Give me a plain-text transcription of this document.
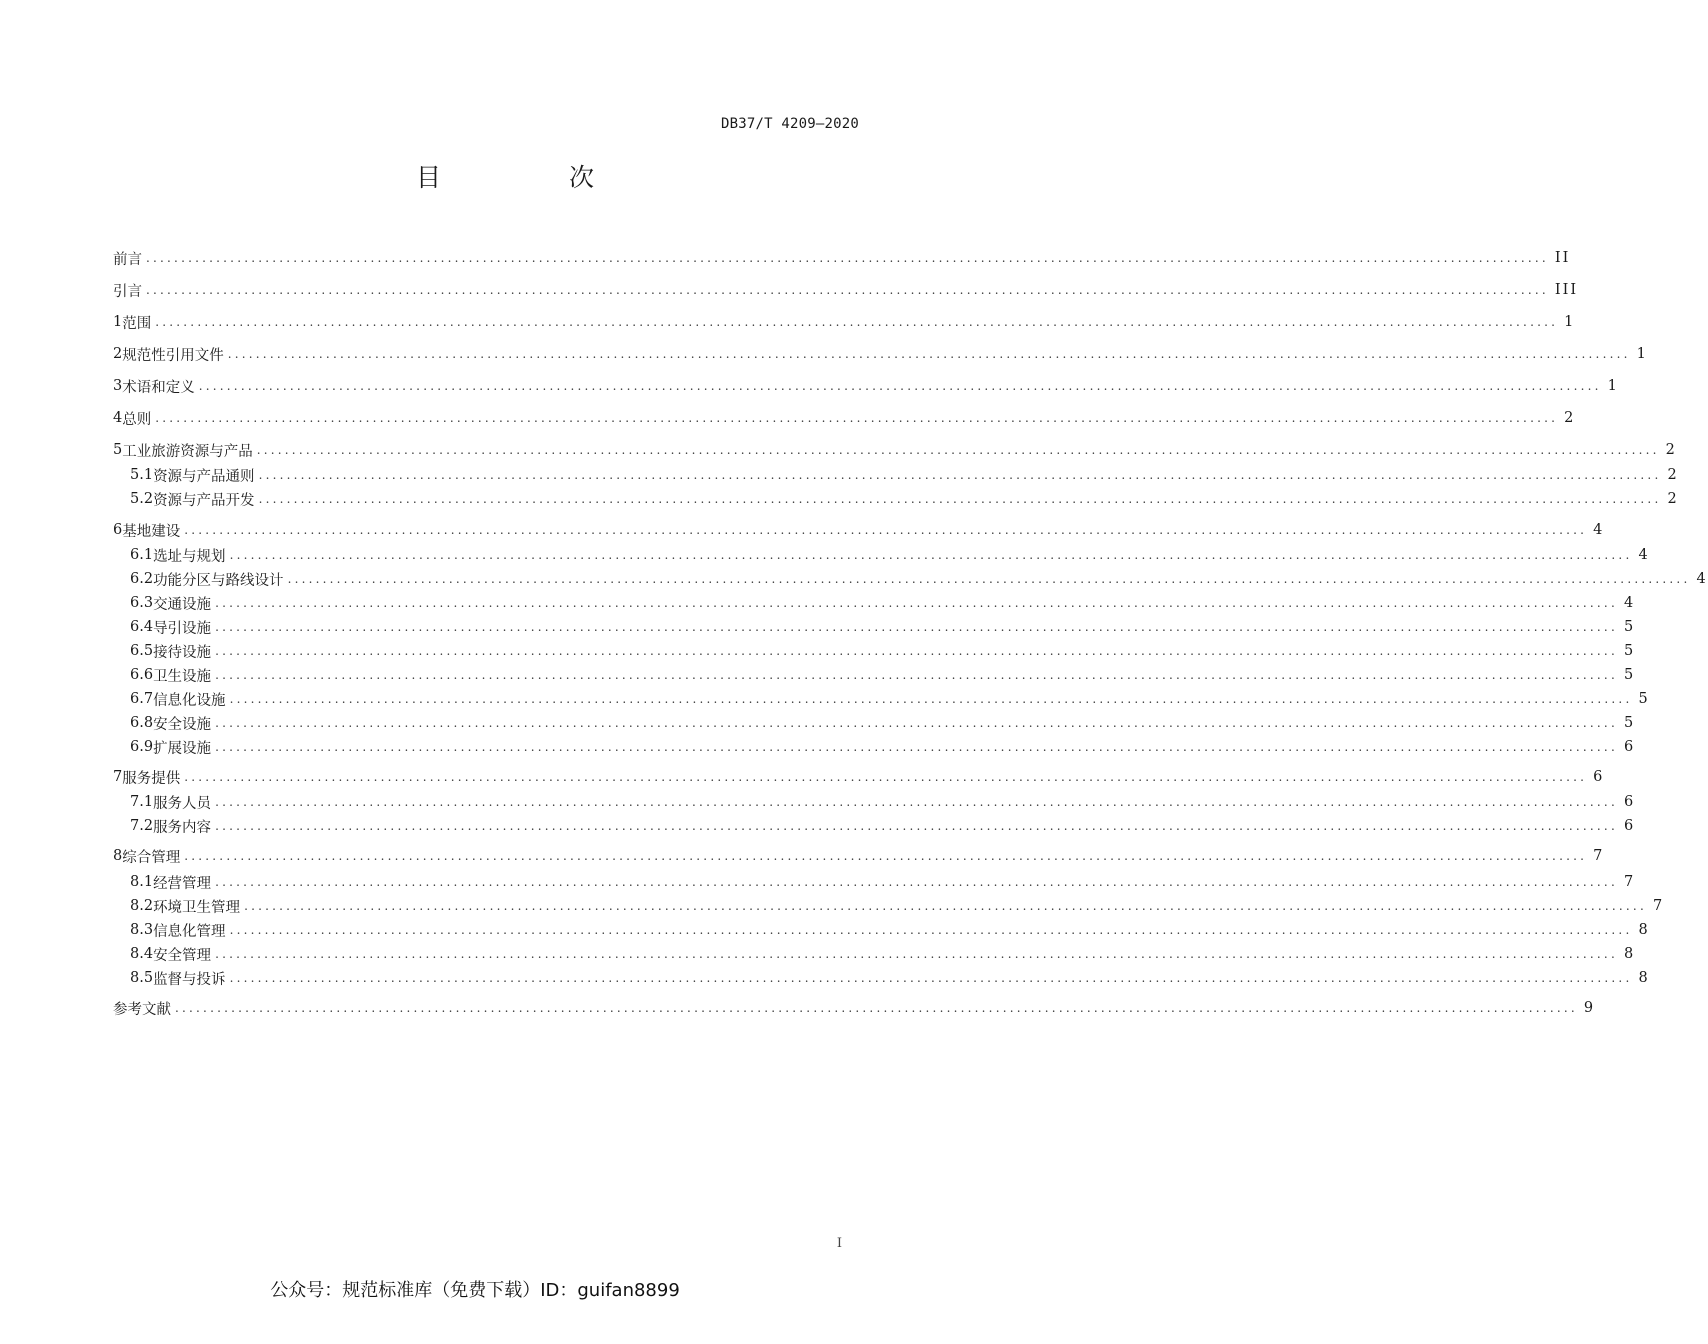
DB37/T 4209—2020
目 次
前言 ........................................................................................................................................................................................................ II
引言 ........................................................................................................................................................................................................ III
1 范围 ........................................................................................................................................................................................................ 1
2 规范性引用文件 ........................................................................................................................................................................................................ 1
3 术语和定义 ........................................................................................................................................................................................................ 1
4 总则 ........................................................................................................................................................................................................ 2
5 工业旅游资源与产品 ........................................................................................................................................................................................................ 2
5.1 资源与产品通则 ........................................................................................................................................................................................................ 2
5.2 资源与产品开发 ........................................................................................................................................................................................................ 2
6 基地建设 ........................................................................................................................................................................................................ 4
6.1 选址与规划 ........................................................................................................................................................................................................ 4
6.2 功能分区与路线设计 ........................................................................................................................................................................................................ 4
6.3 交通设施 ........................................................................................................................................................................................................ 4
6.4 导引设施 ........................................................................................................................................................................................................ 5
6.5 接待设施 ........................................................................................................................................................................................................ 5
6.6 卫生设施 ........................................................................................................................................................................................................ 5
6.7 信息化设施 ........................................................................................................................................................................................................ 5
6.8 安全设施 ........................................................................................................................................................................................................ 5
6.9 扩展设施 ........................................................................................................................................................................................................ 6
7 服务提供 ........................................................................................................................................................................................................ 6
7.1 服务人员 ........................................................................................................................................................................................................ 6
7.2 服务内容 ........................................................................................................................................................................................................ 6
8 综合管理 ........................................................................................................................................................................................................ 7
8.1 经营管理 ........................................................................................................................................................................................................ 7
8.2 环境卫生管理 ........................................................................................................................................................................................................ 7
8.3 信息化管理 ........................................................................................................................................................................................................ 8
8.4 安全管理 ........................................................................................................................................................................................................ 8
8.5 监督与投诉 ........................................................................................................................................................................................................ 8
参考文献 ........................................................................................................................................................................................................ 9
I
公众号：规范标准库（免费下载）ID：guifan8899
